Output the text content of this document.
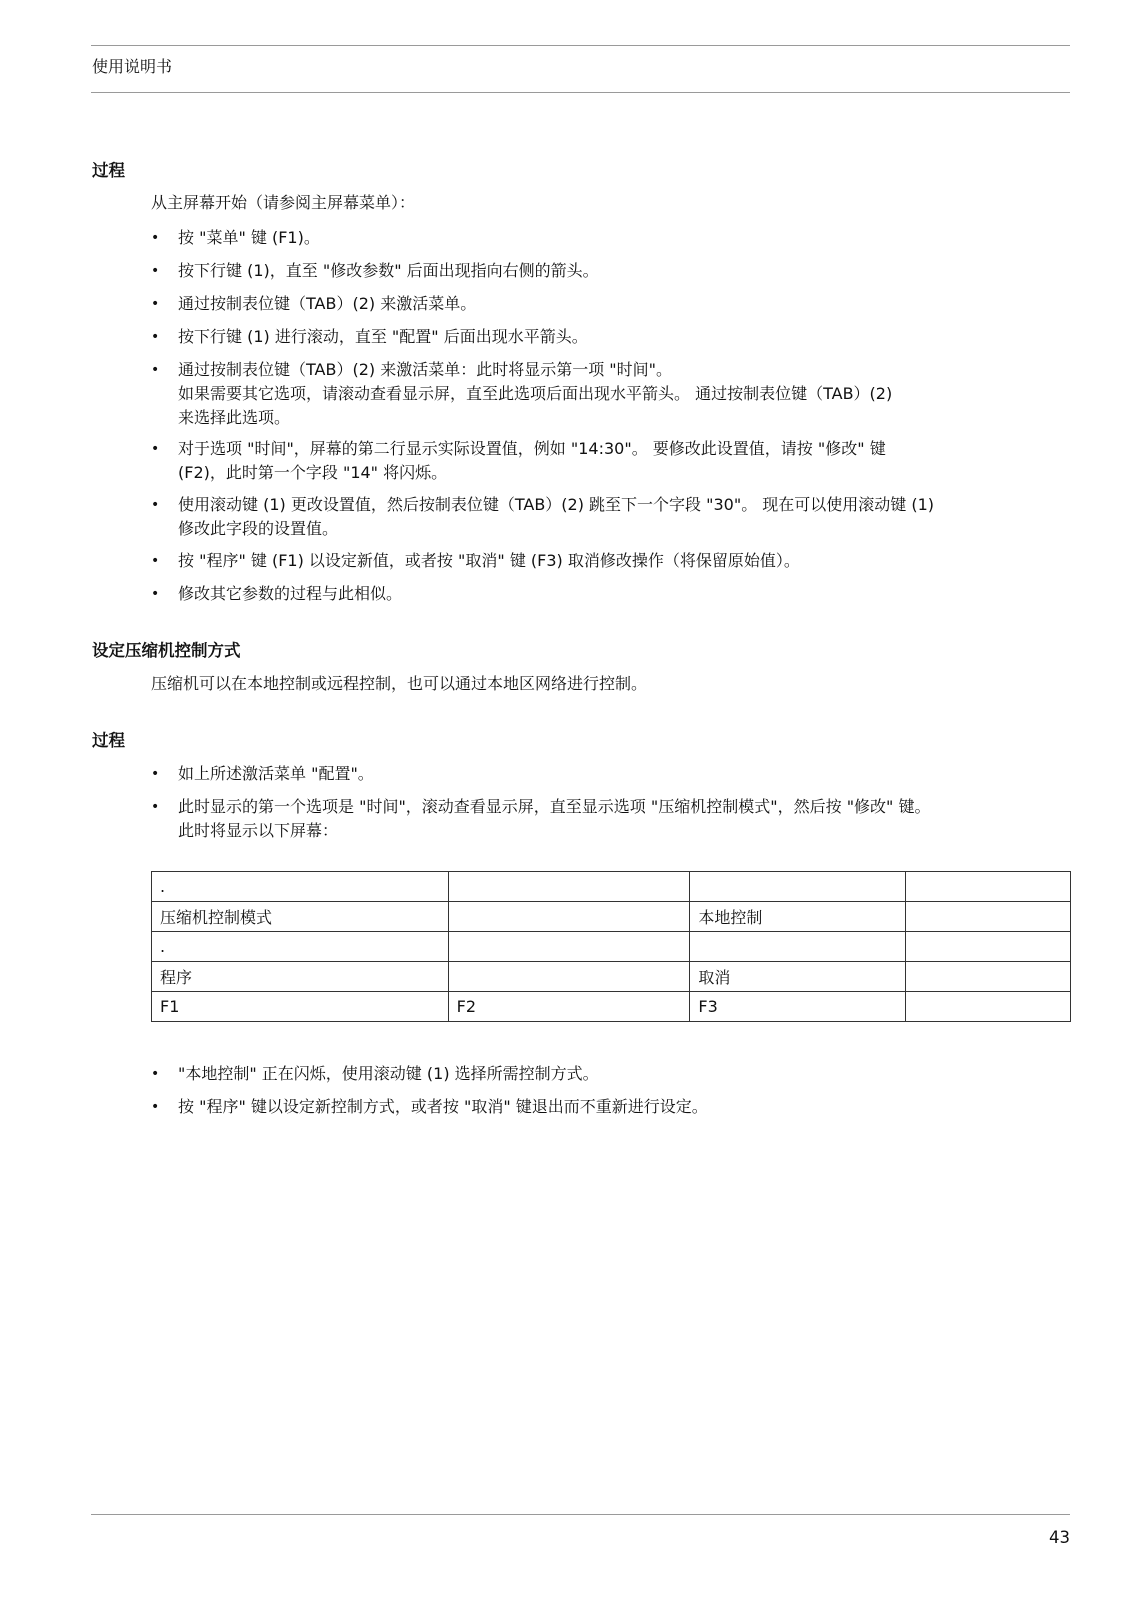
使用说明书
过程
从主屏幕开始（请参阅主屏幕菜单）：
• 按 "菜单" 键 (F1)。
• 按下行键 (1)，直至 "修改参数" 后面出现指向右侧的箭头。
• 通过按制表位键（TAB）(2) 来激活菜单。
• 按下行键 (1) 进行滚动，直至 "配置" 后面出现水平箭头。
• 通过按制表位键（TAB）(2) 来激活菜单：此时将显示第一项 "时间"。
如果需要其它选项，请滚动查看显示屏，直至此选项后面出现水平箭头。 通过按制表位键（TAB）(2)
来选择此选项。
• 对于选项 "时间"，屏幕的第二行显示实际设置值，例如 "14:30"。 要修改此设置值，请按 "修改" 键
(F2)，此时第一个字段 "14" 将闪烁。
• 使用滚动键 (1) 更改设置值，然后按制表位键（TAB）(2) 跳至下一个字段 "30"。 现在可以使用滚动键 (1)
修改此字段的设置值。
• 按 "程序" 键 (F1) 以设定新值，或者按 "取消" 键 (F3) 取消修改操作（将保留原始值）。
• 修改其它参数的过程与此相似。
设定压缩机控制方式
压缩机可以在本地控制或远程控制，也可以通过本地区网络进行控制。
过程
• 如上所述激活菜单 "配置"。
• 此时显示的第一个选项是 "时间"，滚动查看显示屏，直至显示选项 "压缩机控制模式"，然后按 "修改" 键。
此时将显示以下屏幕：
.			
压缩机控制模式		本地控制	
.			
程序		取消	
F1	F2	F3	
• "本地控制" 正在闪烁，使用滚动键 (1) 选择所需控制方式。
• 按 "程序" 键以设定新控制方式，或者按 "取消" 键退出而不重新进行设定。
43
